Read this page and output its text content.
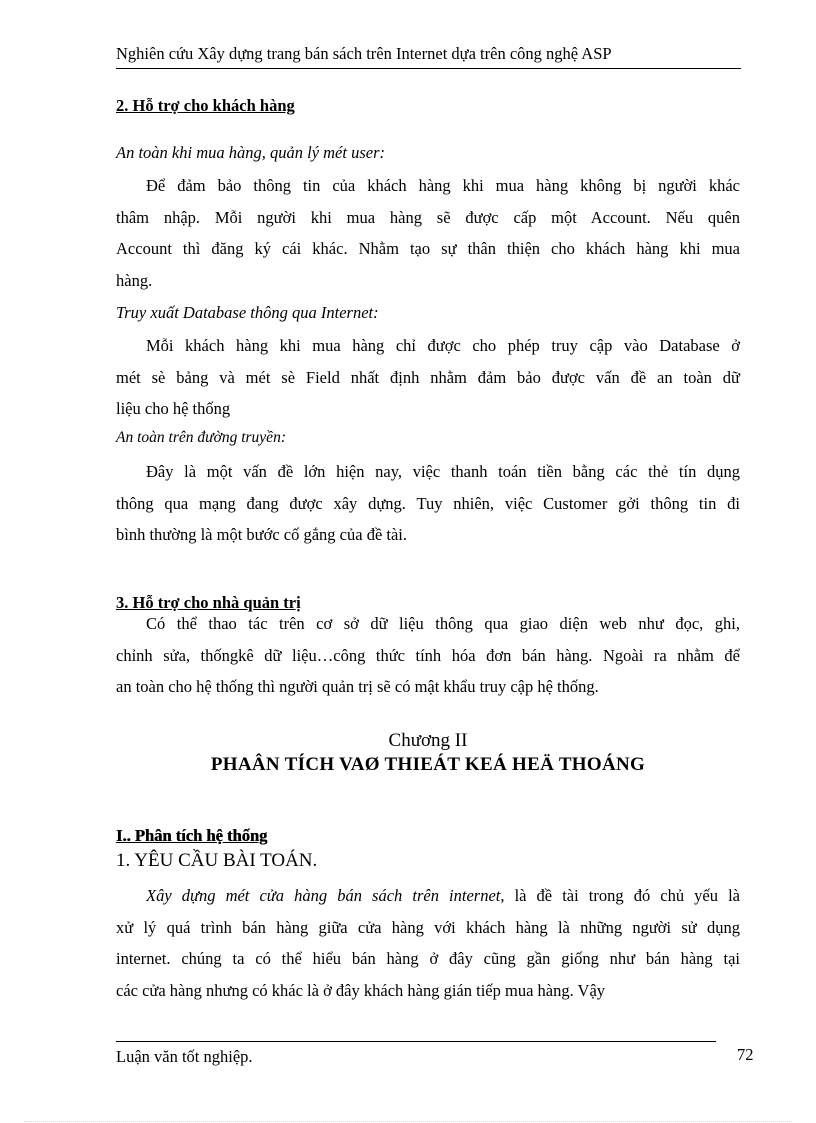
Nghiên cứu Xây dựng trang bán sách trên Internet dựa trên công nghệ ASP
2. Hỗ trợ cho khách hàng
An toàn khi mua hàng, quản lý mét user:
Để đảm bảo thông tin của khách hàng khi mua hàng không bị người khác
thâm nhập. Mỗi người khi mua hàng sẽ được cấp một Account. Nếu quên
Account thì đăng ký cái khác. Nhằm tạo sự thân thiện cho khách hàng khi mua
hàng.
Truy xuất Database thông qua Internet:
Mỗi khách hàng khi mua hàng chỉ được cho phép truy cập vào Database ở
mét sè bảng và mét sè Field nhất định nhằm đảm bảo được vấn đề an toàn dữ
liệu cho hệ thống
An toàn trên đường truyền:
Đây là một vấn đề lớn hiện nay, việc thanh toán tiền bằng các thẻ tín dụng
thông qua mạng đang được xây dựng. Tuy nhiên, việc Customer gởi thông tin đi
bình thường là một bước cố gắng của đề tài.
3. Hỗ trợ cho nhà quản trị
Có thể thao tác trên cơ sở dữ liệu thông qua giao diện web như đọc, ghi,
chỉnh sửa, thốngkê dữ liệu…công thức tính hóa đơn bán hàng. Ngoài ra nhằm để
an toàn cho hệ thống thì người quản trị sẽ có mật khẩu truy cập hệ thống.
Chương II
PHAÂN TÍCH VAØ THIEÁT KEÁ HEÄ THOÁNG
I.. Phân tích hệ thống
1. YÊU CẦU BÀI TOÁN.
Xây dựng mét cửa hàng bán sách trên internet, là đề tài trong đó chủ yếu là
xử lý quá trình bán hàng giữa cửa hàng với khách hàng là những người sử dụng
internet. chúng ta có thể hiểu bán hàng ở đây cũng gần giống như bán hàng tại
các cửa hàng nhưng có khác là ở đây khách hàng gián tiếp mua hàng. Vậy
Luận văn tốt nghiệp.	72
